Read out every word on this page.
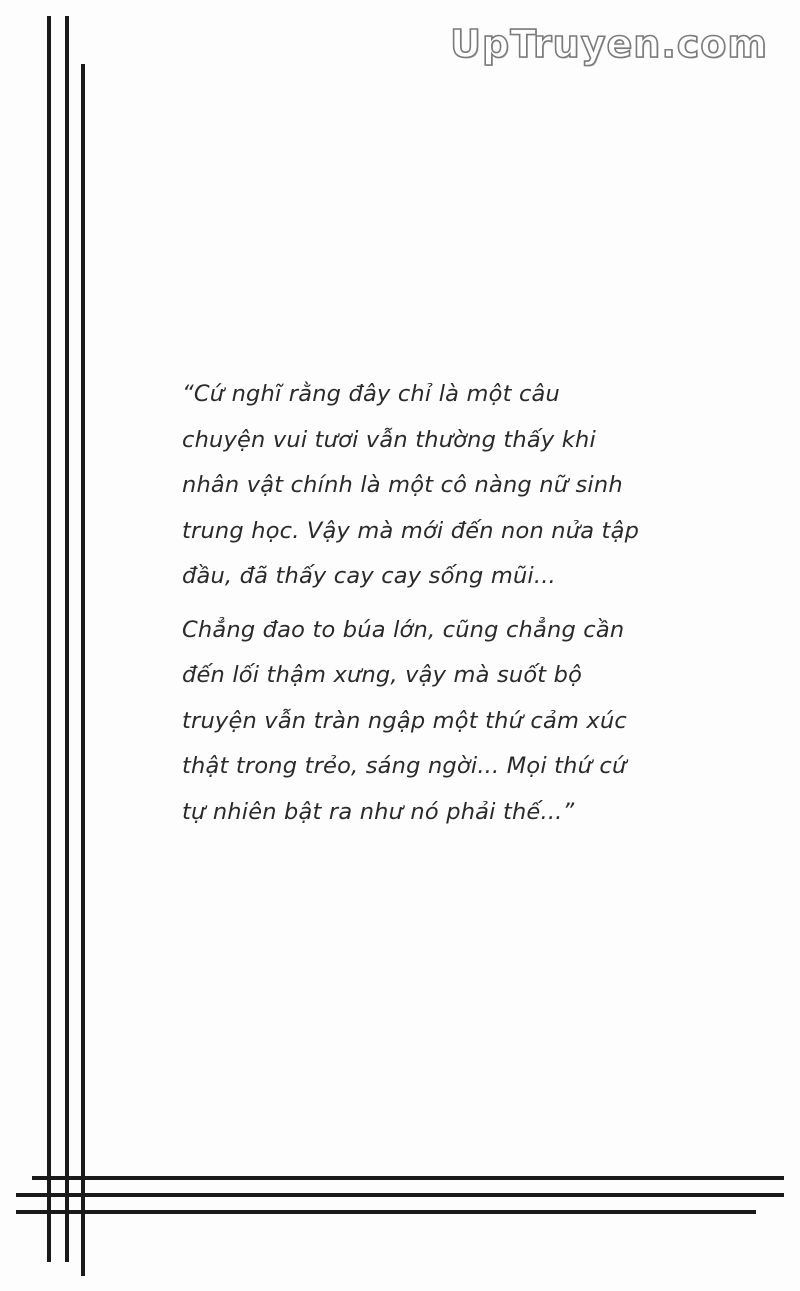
UpTruyen.com

“Cứ nghĩ rằng đây chỉ là một câu
chuyện vui tươi vẫn thường thấy khi
nhân vật chính là một cô nàng nữ sinh
trung học. Vậy mà mới đến non nửa tập
đầu, đã thấy cay cay sống mũi...

Chẳng đao to búa lớn, cũng chẳng cần
đến lối thậm xưng, vậy mà suốt bộ
truyện vẫn tràn ngập một thứ cảm xúc
thật trong trẻo, sáng ngời... Mọi thứ cứ
tự nhiên bật ra như nó phải thế...”
